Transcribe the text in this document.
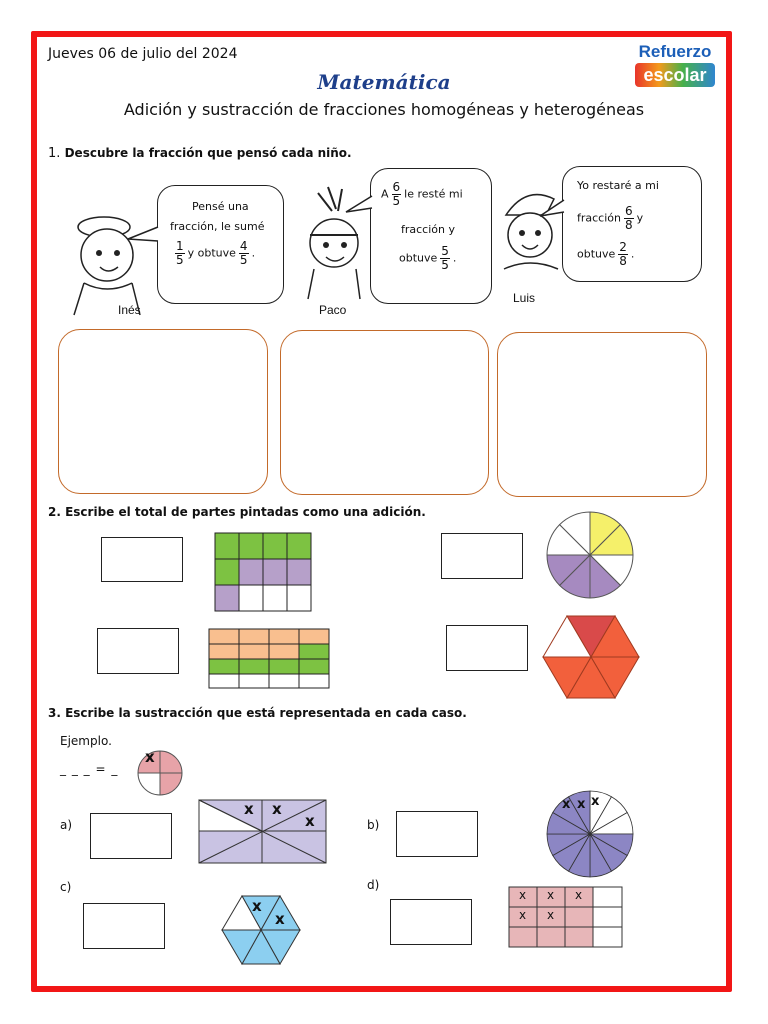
Jueves 06 de julio del 2024	Refuerzo
escolar
Matemática
Adición y sustracción de fracciones homogéneas y heterogéneas
1. Descubre la fracción que pensó cada niño.
Inés
Pensé una
fracción, le sumé
$\frac{1}{5}$ y obtuve $\frac{4}{5}$ .
Paco
A $\frac{6}{5}$ le resté mi
fracción y
obtuve $\frac{5}{5}$ .
Luis
Yo restaré a mi
fracción $\frac{6}{8}$ y
obtuve $\frac{2}{8}$ .
2. Escribe el total de partes pintadas como una adición.
3. Escribe la sustracción que está representada en cada caso.
Ejemplo.
_ _ _ = _
x
a)
x x
x	b)
x x x
c)
x
x
d)
x x x
x x
